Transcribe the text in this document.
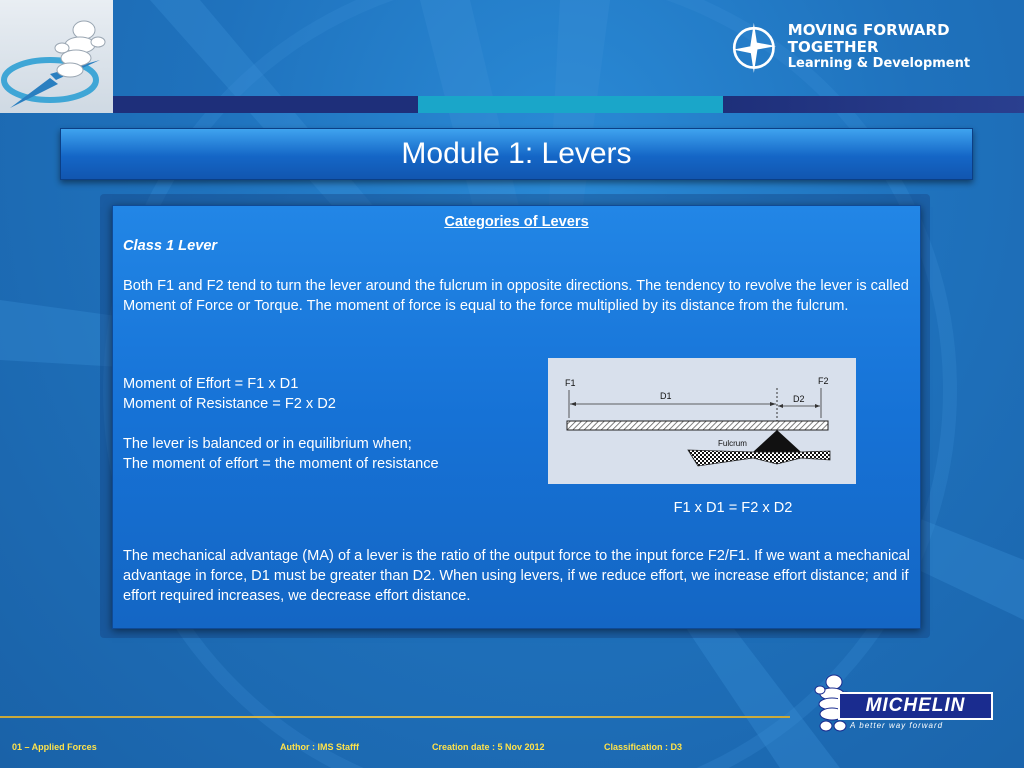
MOVING FORWARD TOGETHER
Learning & Development
Module 1: Levers
Categories of Levers
Class 1 Lever

Both F1 and F2 tend to turn the lever around the fulcrum in opposite directions. The tendency to revolve the lever is called Moment of Force or Torque. The moment of force is equal to the force multiplied by its distance from the fulcrum.

Moment of Effort = F1 x D1

Moment of Resistance = F2 x D2

The lever is balanced or in equilibrium when;

The moment of effort = the moment of resistance

F1 x D1 = F2 x D2

The mechanical advantage (MA) of a lever is the ratio of the output force to the input force F2/F1. If we want a mechanical advantage in force, D1 must be greater than D2. When using levers, if we reduce effort, we increase effort distance; and if effort required increases, we decrease effort distance.

F1	F2
D1	D2
Fulcrum
01 – Applied Forces	Author : IMS Stafff	Creation date : 5 Nov 2012	Classification : D3
MICHELIN
A better way forward
